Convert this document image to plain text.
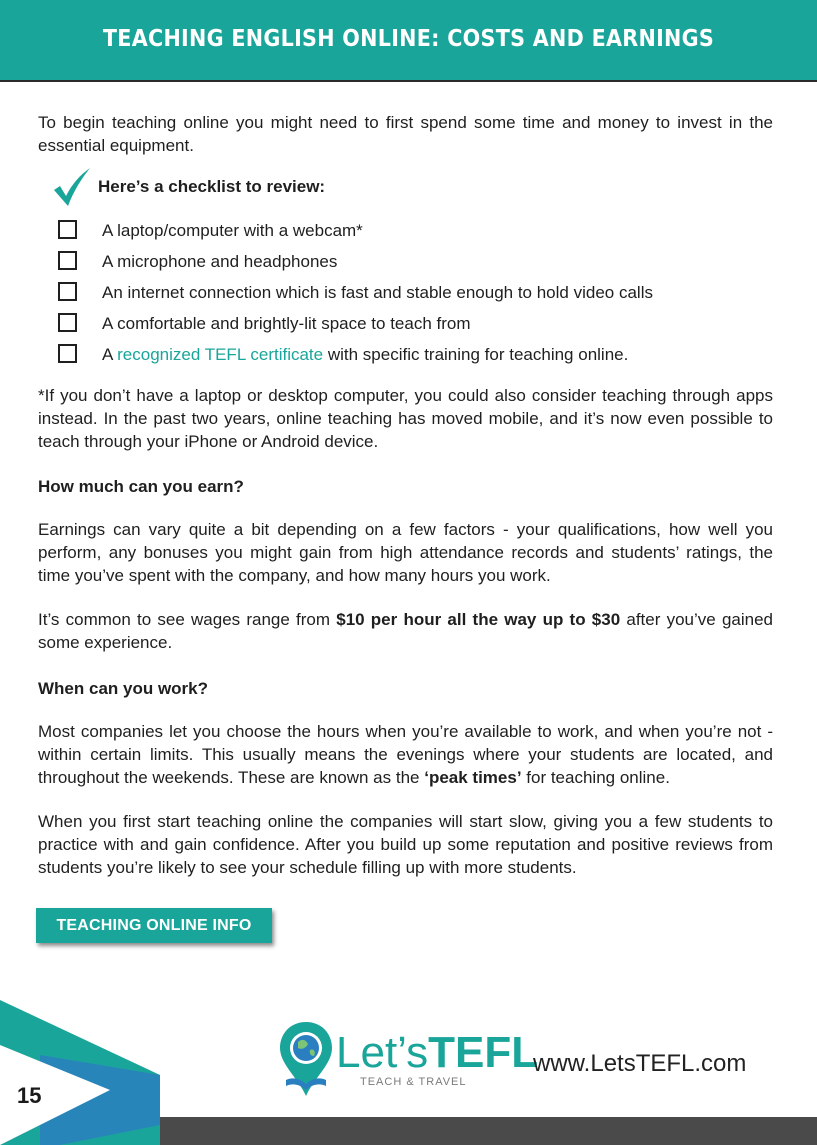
TEACHING ENGLISH ONLINE: COSTS AND EARNINGS

To begin teaching online you might need to first spend some time and money to invest in the essential equipment.

Here’s a checklist to review:
A laptop/computer with a webcam*
A microphone and headphones
An internet connection which is fast and stable enough to hold video calls
A comfortable and brightly-lit space to teach from
A recognized TEFL certificate with specific training for teaching online.

*If you don’t have a laptop or desktop computer, you could also consider teaching through apps instead. In the past two years, online teaching has moved mobile, and it’s now even possible to teach through your iPhone or Android device.

How much can you earn?

Earnings can vary quite a bit depending on a few factors - your qualifications, how well you perform, any bonuses you might gain from high attendance records and students’ ratings, the time you’ve spent with the company, and how many hours you work.

It’s common to see wages range from $10 per hour all the way up to $30 after you’ve gained some experience.

When can you work?

Most companies let you choose the hours when you’re available to work, and when you’re not - within certain limits. This usually means the evenings where your students are located, and throughout the weekends. These are known as the ‘peak times’ for teaching online.

When you first start teaching online the companies will start slow, giving you a few students to practice with and gain confidence. After you build up some reputation and positive reviews from students you’re likely to see your schedule filling up with more students.

TEACHING ONLINE INFO
15
Let’sTEFL
TEACH & TRAVEL
www.LetsTEFL.com
